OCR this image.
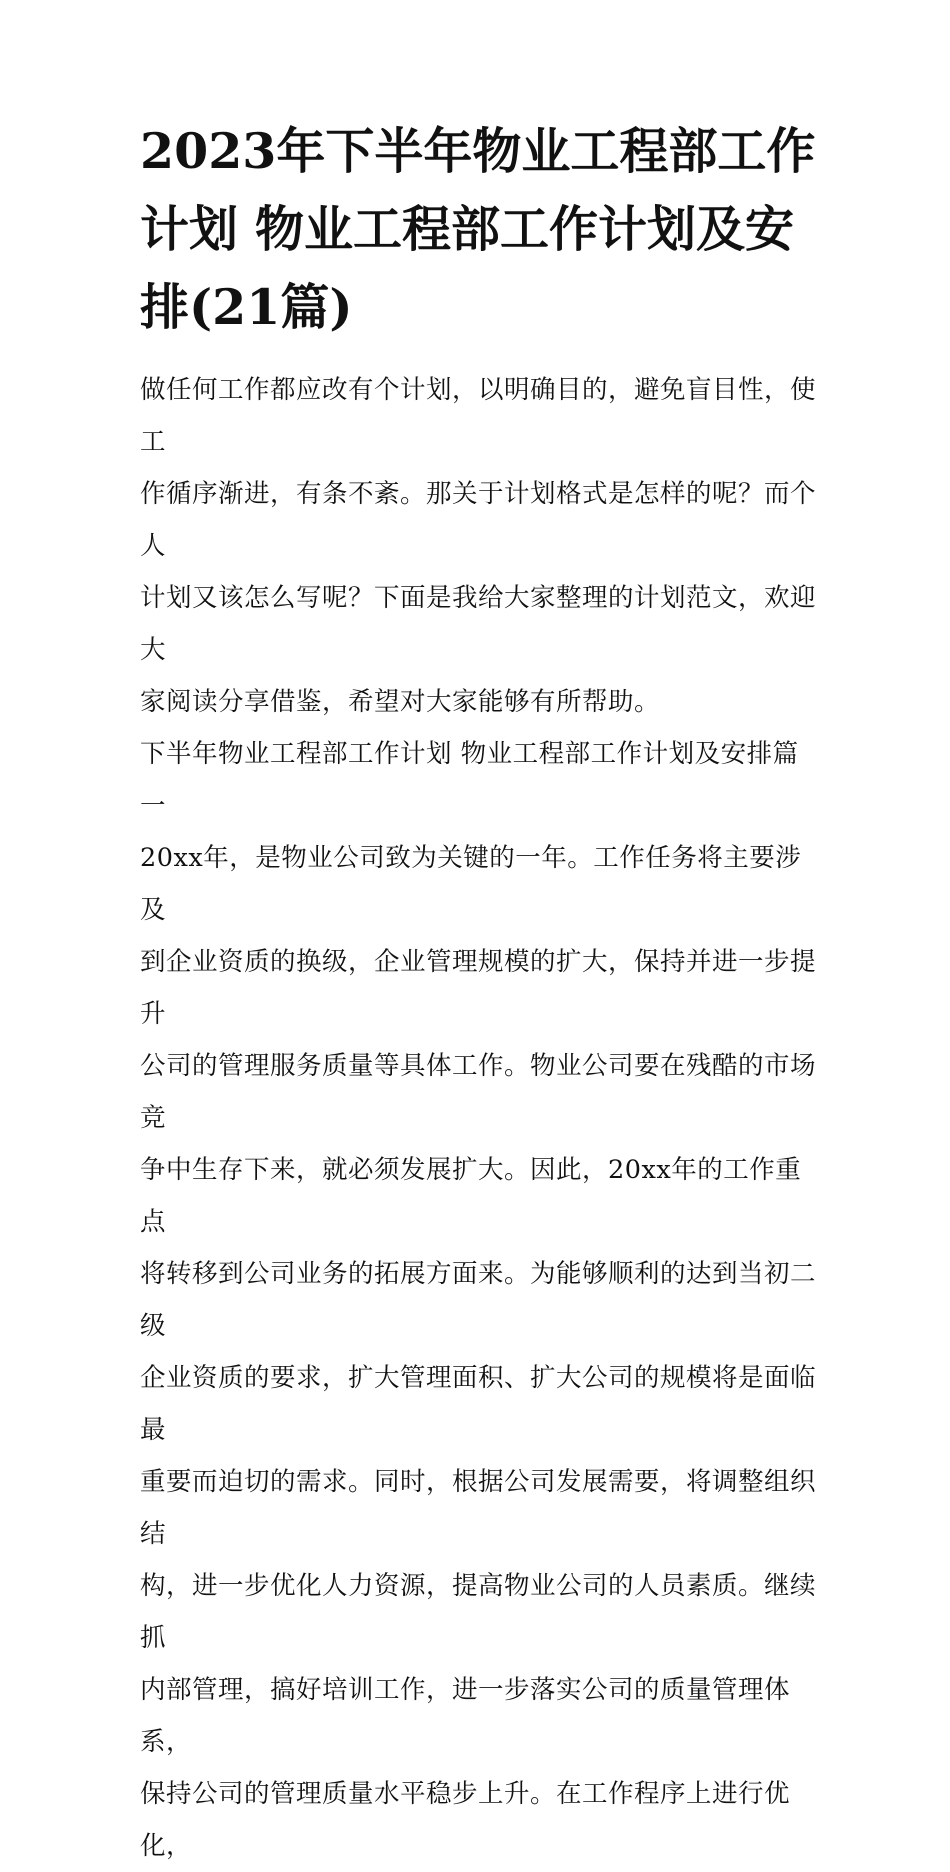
2023年下半年物业工程部工作
计划 物业工程部工作计划及安
排(21篇)

做任何工作都应改有个计划，以明确目的，避免盲目性，使工
作循序渐进，有条不紊。那关于计划格式是怎样的呢？而个人
计划又该怎么写呢？下面是我给大家整理的计划范文，欢迎大
家阅读分享借鉴，希望对大家能够有所帮助。

下半年物业工程部工作计划 物业工程部工作计划及安排篇一

20xx年，是物业公司致为关键的一年。工作任务将主要涉及
到企业资质的换级，企业管理规模的扩大，保持并进一步提升
公司的管理服务质量等具体工作。物业公司要在残酷的市场竞
争中生存下来，就必须发展扩大。因此，20xx年的工作重点
将转移到公司业务的拓展方面来。为能够顺利的达到当初二级
企业资质的要求，扩大管理面积、扩大公司的规模将是面临最
重要而迫切的需求。同时，根据公司发展需要，将调整组织结
构，进一步优化人力资源，提高物业公司的人员素质。继续抓
内部管理，搞好培训工作，进一步落实公司的质量管理体系，
保持公司的管理质量水平稳步上升。在工作程序上进行优化，
